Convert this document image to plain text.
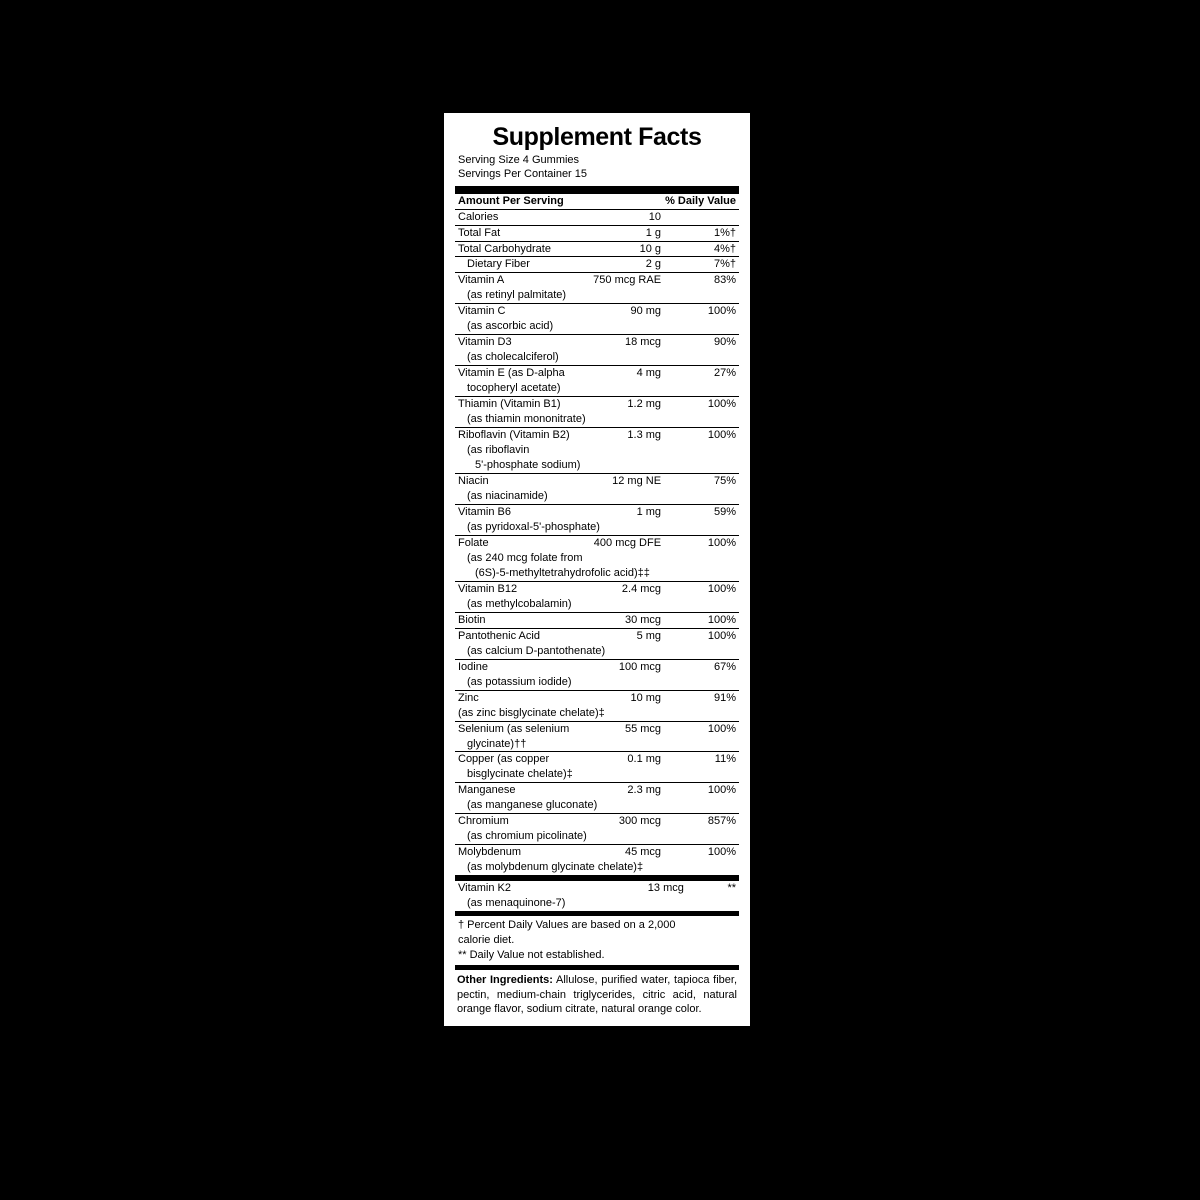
Supplement Facts
Serving Size 4 Gummies
Servings Per Container 15
Amount Per Serving		% Daily Value
Calories	10	
Total Fat	1 g	1%†
Total Carbohydrate	10 g	4%†
Dietary Fiber	2 g	7%†
Vitamin A	750 mcg RAE	83%
(as retinyl palmitate)		
Vitamin C	90 mg	100%
(as ascorbic acid)		
Vitamin D3	18 mcg	90%
(as cholecalciferol)		
Vitamin E (as D-alpha	4 mg	27%
tocopheryl acetate)		
Thiamin (Vitamin B1)	1.2 mg	100%
(as thiamin mononitrate)		
Riboflavin (Vitamin B2)	1.3 mg	100%
(as riboflavin		
5'-phosphate sodium)		
Niacin	12 mg NE	75%
(as niacinamide)		
Vitamin B6	1 mg	59%
(as pyridoxal-5'-phosphate)		
Folate	400 mcg DFE	100%
(as 240 mcg folate from		
(6S)-5-methyltetrahydrofolic acid)‡‡		
Vitamin B12	2.4 mcg	100%
(as methylcobalamin)		
Biotin	30 mcg	100%
Pantothenic Acid	5 mg	100%
(as calcium D-pantothenate)		
Iodine	100 mcg	67%
(as potassium iodide)		
Zinc	10 mg	91%
(as zinc bisglycinate chelate)‡		
Selenium (as selenium	55 mcg	100%
glycinate)††		
Copper (as copper	0.1 mg	11%
bisglycinate chelate)‡		
Manganese	2.3 mg	100%
(as manganese gluconate)		
Chromium	300 mcg	857%
(as chromium picolinate)		
Molybdenum	45 mcg	100%
(as molybdenum glycinate chelate)‡		
Vitamin K2	13 mcg	**
(as menaquinone-7)
† Percent Daily Values are based on a 2,000
calorie diet.
** Daily Value not established.
Other Ingredients: Allulose, purified water, tapioca fiber, pectin, medium-chain triglycerides, citric acid, natural orange flavor, sodium citrate, natural orange color.
